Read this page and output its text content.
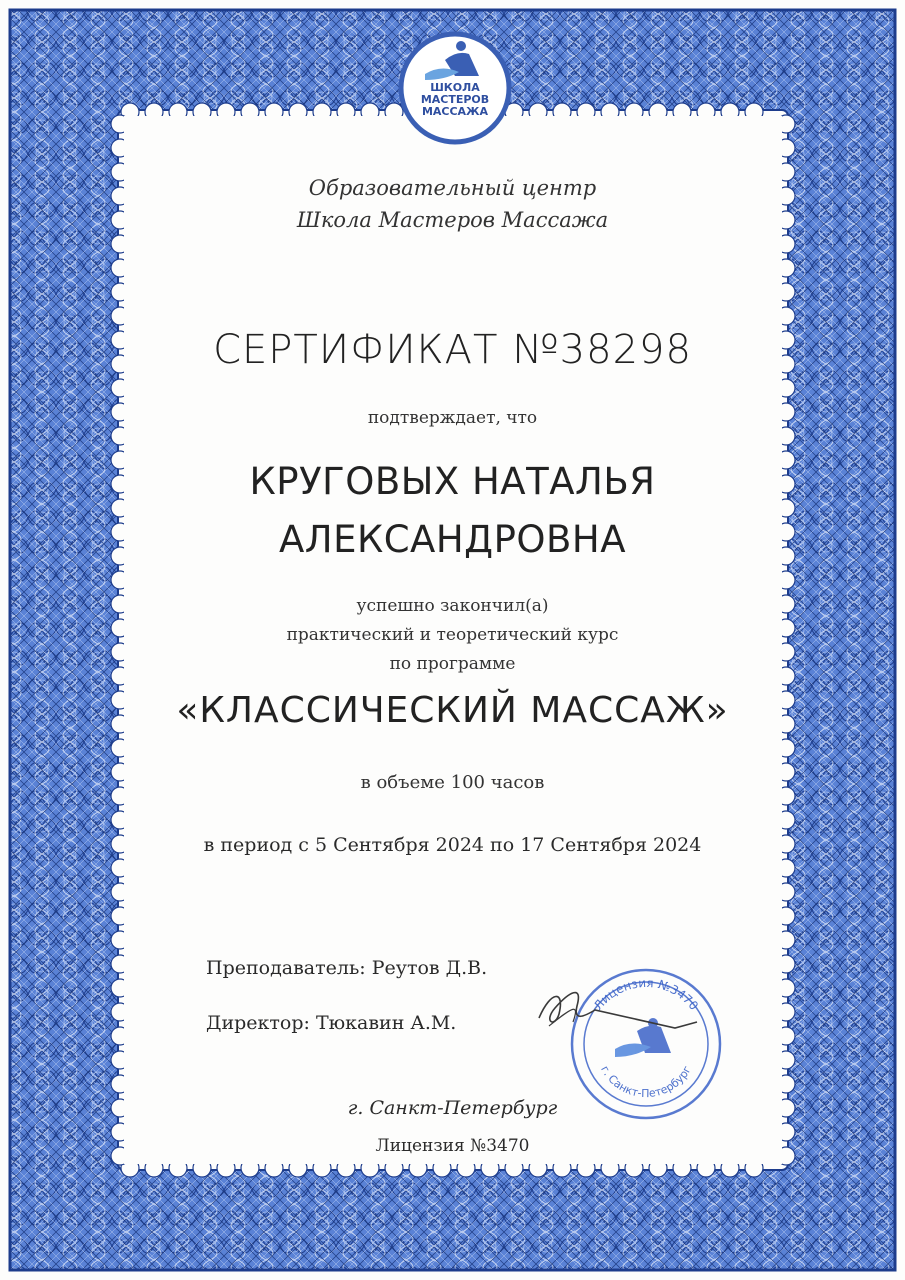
ШКОЛА
МАСТЕРОВ
МАССАЖА
Образовательный центр
Школа Мастеров Массажа
СЕРТИФИКАТ №38298
подтверждает, что
КРУГОВЫХ НАТАЛЬЯ
АЛЕКСАНДРОВНА
успешно закончил(а)
практический и теоретический курс
по программе
«КЛАССИЧЕСКИЙ МАССАЖ»
в объеме 100 часов
в период с 5 Сентября 2024 по 17 Сентября 2024
Преподаватель: Реутов Д.В.
Директор: Тюкавин А.М.
Лицензия №3470
г. Санкт-Петербург
г. Санкт-Петербург
Лицензия №3470
